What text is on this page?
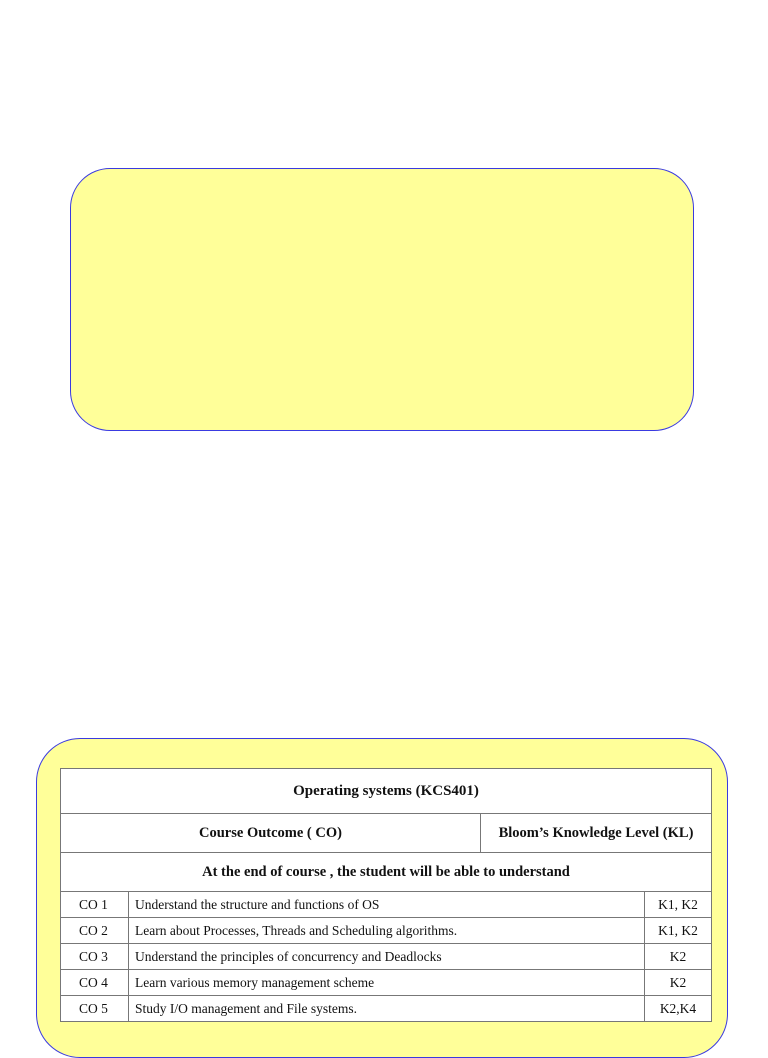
Operating systems (KCS401)			
Course Outcome ( CO)		Bloom’s Knowledge Level (KL)	
At the end of course , the student will be able to understand			
CO 1	Understand the structure and functions of OS		K1, K2
CO 2	Learn about Processes, Threads and Scheduling algorithms.		K1, K2
CO 3	Understand the principles of concurrency and Deadlocks		K2
CO 4	Learn various memory management scheme		K2
CO 5	Study I/O management and File systems.		K2,K4
